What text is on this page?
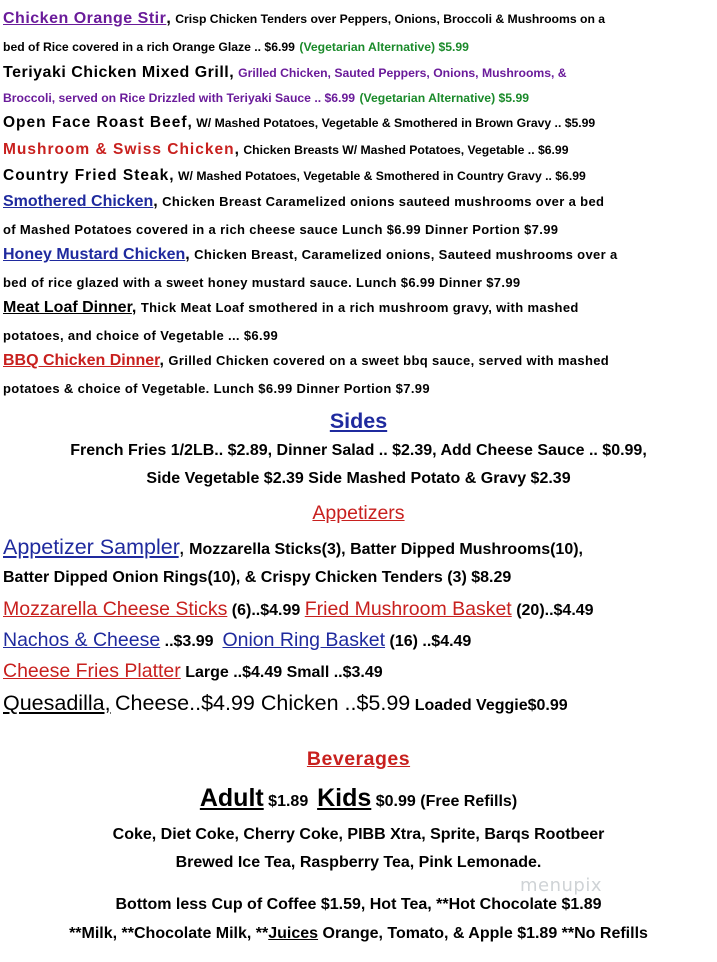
Chicken Orange Stir, Crisp Chicken Tenders over Peppers, Onions, Broccoli & Mushrooms on a
bed of Rice covered in a rich Orange Glaze .. $6.99 (Vegetarian Alternative) $5.99
Teriyaki Chicken Mixed Grill, Grilled Chicken, Sauted Peppers, Onions, Mushrooms, &
Broccoli, served on Rice Drizzled with Teriyaki Sauce .. $6.99 (Vegetarian Alternative) $5.99
Open Face Roast Beef, W/ Mashed Potatoes, Vegetable & Smothered in Brown Gravy .. $5.99
Mushroom & Swiss Chicken, Chicken Breasts W/ Mashed Potatoes, Vegetable .. $6.99
Country Fried Steak, W/ Mashed Potatoes, Vegetable & Smothered in Country Gravy .. $6.99
Smothered Chicken, Chicken Breast Caramelized onions sauteed mushrooms over a bed
of Mashed Potatoes covered in a rich cheese sauce Lunch $6.99 Dinner Portion $7.99
Honey Mustard Chicken, Chicken Breast, Caramelized onions, Sauteed mushrooms over a
bed of rice glazed with a sweet honey mustard sauce. Lunch $6.99 Dinner $7.99
Meat Loaf Dinner, Thick Meat Loaf smothered in a rich mushroom gravy, with mashed
potatoes, and choice of Vegetable ... $6.99
BBQ Chicken Dinner, Grilled Chicken covered on a sweet bbq sauce, served with mashed
potatoes & choice of Vegetable. Lunch $6.99 Dinner Portion $7.99
Sides
French Fries 1/2LB.. $2.89, Dinner Salad .. $2.39, Add Cheese Sauce .. $0.99,
Side Vegetable $2.39 Side Mashed Potato & Gravy $2.39
Appetizers
Appetizer Sampler, Mozzarella Sticks(3), Batter Dipped Mushrooms(10),
Batter Dipped Onion Rings(10), & Crispy Chicken Tenders (3) $8.29
Mozzarella Cheese Sticks (6)..$4.99 Fried Mushroom Basket (20)..$4.49
Nachos & Cheese ..$3.99 Onion Ring Basket (16) ..$4.49
Cheese Fries Platter Large ..$4.49 Small ..$3.49
Quesadilla, Cheese..$4.99 Chicken ..$5.99 Loaded Veggie$0.99
Beverages
Adult $1.89 Kids $0.99 (Free Refills)
Coke, Diet Coke, Cherry Coke, PIBB Xtra, Sprite, Barqs Rootbeer
Brewed Ice Tea, Raspberry Tea, Pink Lemonade.
Bottom less Cup of Coffee $1.59, Hot Tea, **Hot Chocolate $1.89
**Milk, **Chocolate Milk, **Juices Orange, Tomato, & Apple $1.89 **No Refills
menupix
